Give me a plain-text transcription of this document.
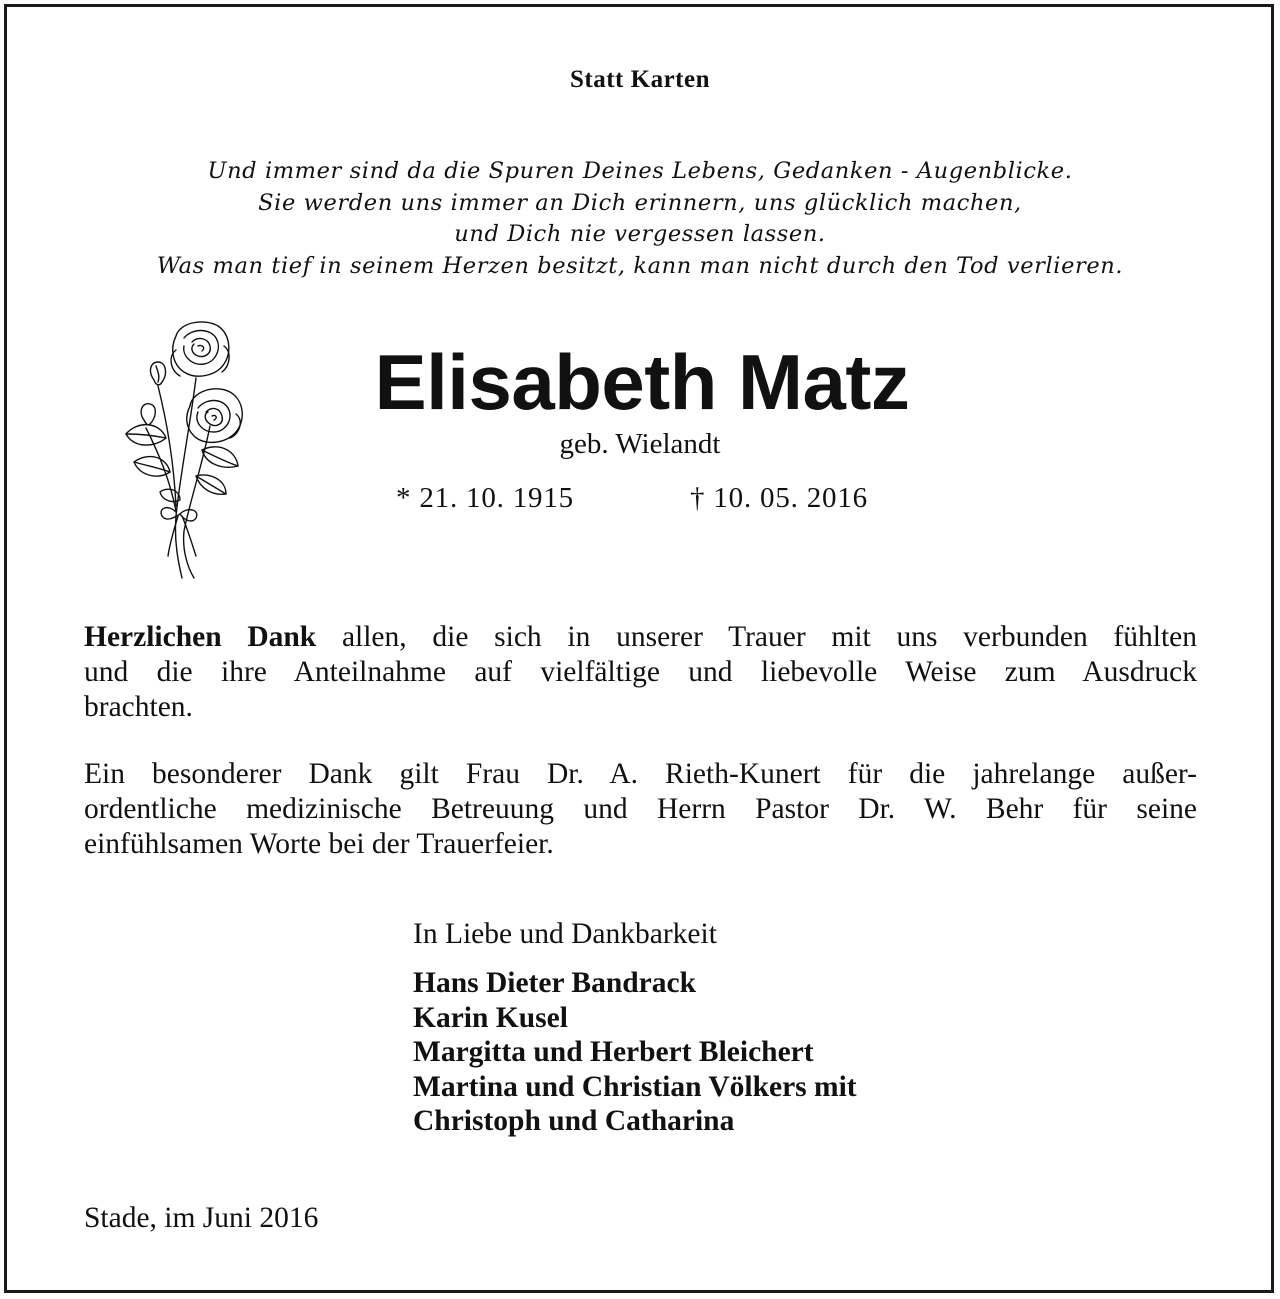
Statt Karten
Und immer sind da die Spuren Deines Lebens, Gedanken - Augenblicke.
Sie werden uns immer an Dich erinnern, uns glücklich machen,
und Dich nie vergessen lassen.
Was man tief in seinem Herzen besitzt, kann man nicht durch den Tod verlieren.
Elisabeth Matz
geb. Wielandt
* 21. 10. 1915	† 10. 05. 2016
Herzlichen Dank allen, die sich in unserer Trauer mit uns verbunden fühlten
und die ihre Anteilnahme auf vielfältige und liebevolle Weise zum Ausdruck
brachten.
Ein besonderer Dank gilt Frau Dr. A. Rieth-Kunert für die jahrelange außer-
ordentliche medizinische Betreuung und Herrn Pastor Dr. W. Behr für seine
einfühlsamen Worte bei der Trauerfeier.
In Liebe und Dankbarkeit
Hans Dieter Bandrack
Karin Kusel
Margitta und Herbert Bleichert
Martina und Christian Völkers mit
Christoph und Catharina
Stade, im Juni 2016
